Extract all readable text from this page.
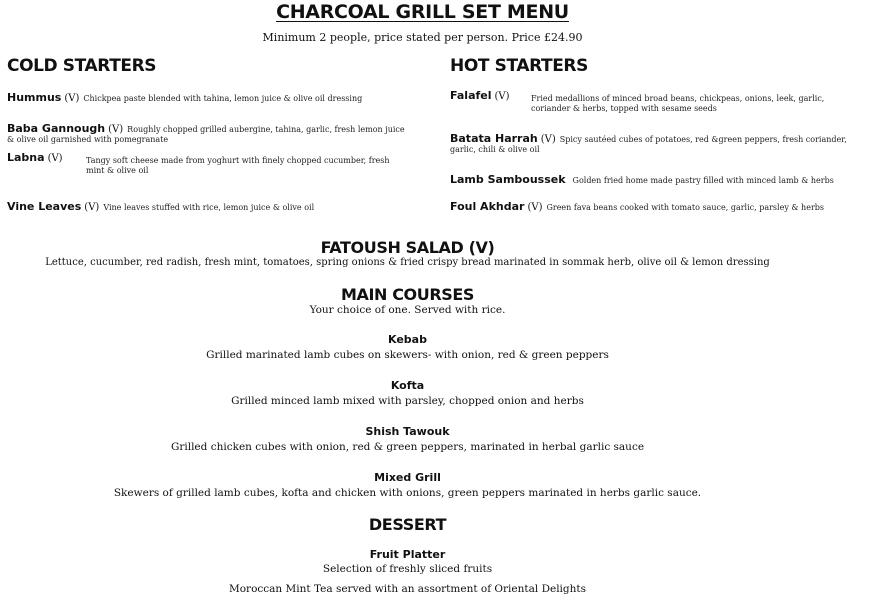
CHARCOAL GRILL SET MENU
Minimum 2 people, price stated per person. Price £24.90
COLD STARTERS
Hummus (V) Chickpea paste blended with tahina, lemon juice & olive oil dressing
Baba Gannough (V) Roughly chopped grilled aubergine, tahina, garlic, fresh lemon juice & olive oil garnished with pomegranate
Labna (V)	Tangy soft cheese made from yoghurt with finely chopped cucumber, fresh mint & olive oil
Vine Leaves (V) Vine leaves stuffed with rice, lemon juice & olive oil
HOT STARTERS
Falafel (V)	Fried medallions of minced broad beans, chickpeas, onions, leek, garlic, coriander & herbs, topped with sesame seeds
Batata Harrah (V) Spicy sautéed cubes of potatoes, red &green peppers, fresh coriander, garlic, chili & olive oil
Lamb Samboussek Golden fried home made pastry filled with minced lamb & herbs
Foul Akhdar (V) Green fava beans cooked with tomato sauce, garlic, parsley & herbs
FATOUSH SALAD (V)
Lettuce, cucumber, red radish, fresh mint, tomatoes, spring onions & fried crispy bread marinated in sommak herb, olive oil & lemon dressing
MAIN COURSES
Your choice of one. Served with rice.
Kebab
Grilled marinated lamb cubes on skewers- with onion, red & green peppers
Kofta
Grilled minced lamb mixed with parsley, chopped onion and herbs
Shish Tawouk
Grilled chicken cubes with onion, red & green peppers, marinated in herbal garlic sauce
Mixed Grill
Skewers of grilled lamb cubes, kofta and chicken with onions, green peppers marinated in herbs garlic sauce.
DESSERT
Fruit Platter
Selection of freshly sliced fruits
Moroccan Mint Tea served with an assortment of Oriental Delights
